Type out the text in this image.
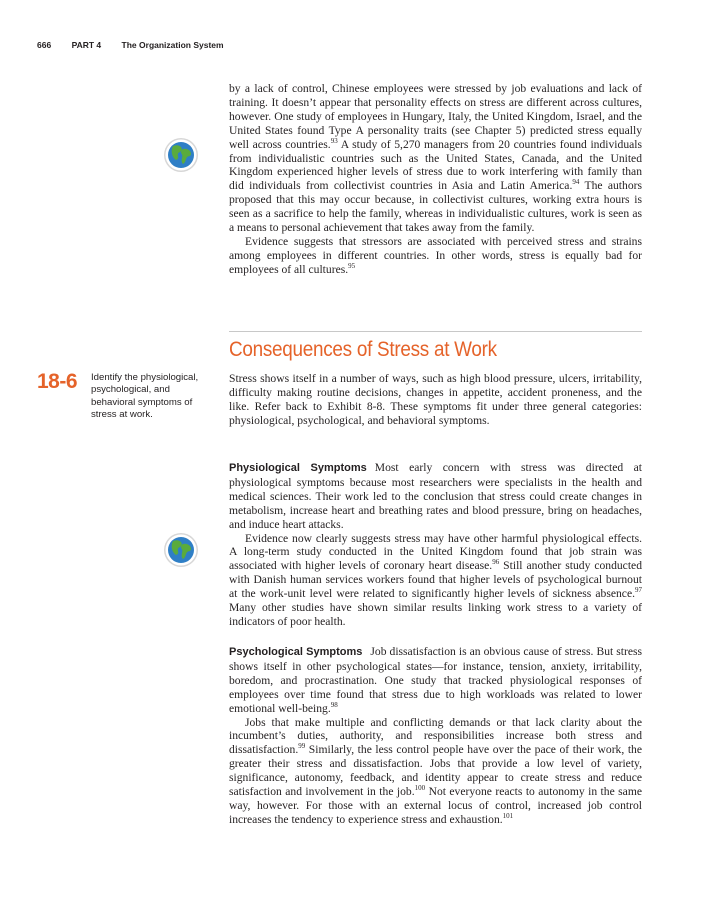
666 PART 4 The Organization System

by a lack of control, Chinese employees were stressed by job evaluations and lack of training. It doesn’t appear that personality effects on stress are different across cultures, however. One study of employees in Hungary, Italy, the United Kingdom, Israel, and the United States found Type A personality traits (see Chapter 5) predicted stress equally well across countries.$^{93}$ A study of 5,270 managers from 20 countries found individuals from individualistic countries such as the United States, Canada, and the United Kingdom experienced higher levels of stress due to work interfering with family than did individuals from collectivist countries in Asia and Latin America.$^{94}$ The authors proposed that this may occur because, in collectivist cultures, working extra hours is seen as a sacrifice to help the family, whereas in individualistic cultures, work is seen as a means to personal achievement that takes away from the family.

Evidence suggests that stressors are associated with perceived stress and strains among employees in different countries. In other words, stress is equally bad for employees of all cultures.$^{95}$

Consequences of Stress at Work
18-6 Identify the physiological, psychological, and behavioral symptoms of stress at work.

Stress shows itself in a number of ways, such as high blood pressure, ulcers, irritability, difficulty making routine decisions, changes in appetite, accident proneness, and the like. Refer back to Exhibit 8-8. These symptoms fit under three general categories: physiological, psychological, and behavioral symptoms.

Physiological Symptoms Most early concern with stress was directed at physiological symptoms because most researchers were specialists in the health and medical sciences. Their work led to the conclusion that stress could create changes in metabolism, increase heart and breathing rates and blood pressure, bring on headaches, and induce heart attacks.

Evidence now clearly suggests stress may have other harmful physiological effects. A long-term study conducted in the United Kingdom found that job strain was associated with higher levels of coronary heart disease.$^{96}$ Still another study conducted with Danish human services workers found that higher levels of psychological burnout at the work-unit level were related to significantly higher levels of sickness absence.$^{97}$ Many other studies have shown similar results linking work stress to a variety of indicators of poor health.

Psychological Symptoms Job dissatisfaction is an obvious cause of stress. But stress shows itself in other psychological states—for instance, tension, anxiety, irritability, boredom, and procrastination. One study that tracked physiological responses of employees over time found that stress due to high workloads was related to lower emotional well-being.$^{98}$

Jobs that make multiple and conflicting demands or that lack clarity about the incumbent’s duties, authority, and responsibilities increase both stress and dissatisfaction.$^{99}$ Similarly, the less control people have over the pace of their work, the greater their stress and dissatisfaction. Jobs that provide a low level of variety, significance, autonomy, feedback, and identity appear to create stress and reduce satisfaction and involvement in the job.$^{100}$ Not everyone reacts to autonomy in the same way, however. For those with an external locus of control, increased job control increases the tendency to experience stress and exhaustion.$^{101}$
